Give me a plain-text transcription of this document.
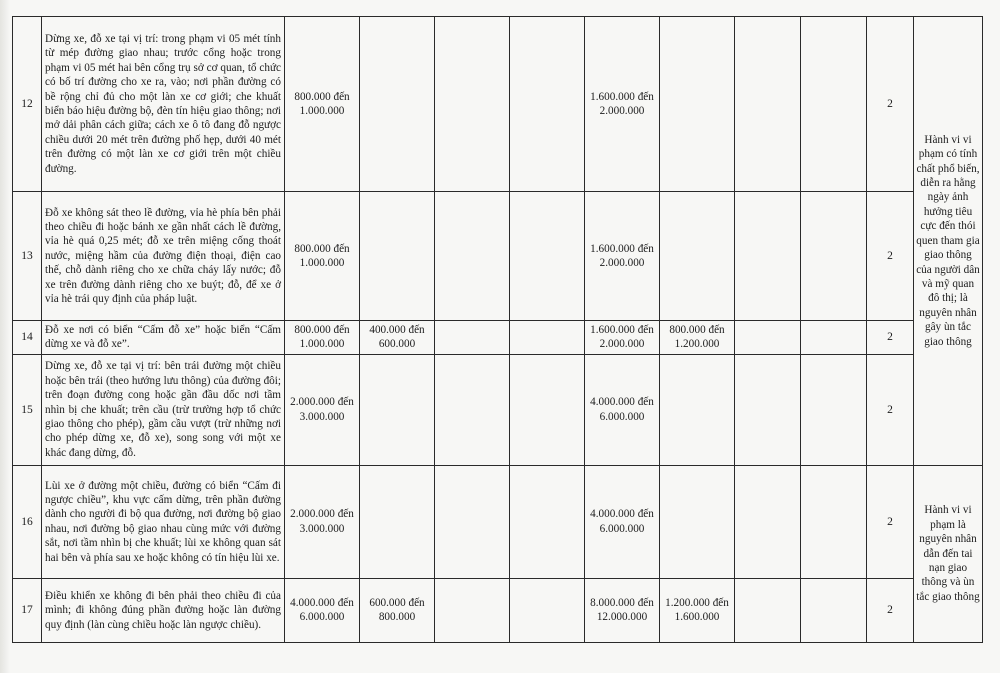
12	Dừng xe, đỗ xe tại vị trí: trong phạm vi 05 mét tính từ mép đường giao nhau; trước cổng hoặc trong phạm vi 05 mét hai bên cổng trụ sở cơ quan, tổ chức có bố trí đường cho xe ra, vào; nơi phần đường có bề rộng chỉ đủ cho một làn xe cơ giới; che khuất biển báo hiệu đường bộ, đèn tín hiệu giao thông; nơi mở dải phân cách giữa; cách xe ô tô đang đỗ ngược chiều dưới 20 mét trên đường phố hẹp, dưới 40 mét trên đường có một làn xe cơ giới trên một chiều đường.	800.000 đến 1.000.000				1.600.000 đến 2.000.000				2	Hành vi vi phạm có tính chất phổ biến, diễn ra hằng ngày ảnh hưởng tiêu cực đến thói quen tham gia giao thông của người dân và mỹ quan đô thị; là nguyên nhân gây ùn tắc giao thông
13	Đỗ xe không sát theo lề đường, vỉa hè phía bên phải theo chiều đi hoặc bánh xe gần nhất cách lề đường, vỉa hè quá 0,25 mét; đỗ xe trên miệng cống thoát nước, miệng hầm của đường điện thoại, điện cao thế, chỗ dành riêng cho xe chữa cháy lấy nước; đỗ xe trên đường dành riêng cho xe buýt; đỗ, để xe ở vỉa hè trái quy định của pháp luật.	800.000 đến 1.000.000				1.600.000 đến 2.000.000				2	
14	Đỗ xe nơi có biển “Cấm đỗ xe” hoặc biển “Cấm dừng xe và đỗ xe”.	800.000 đến 1.000.000	400.000 đến 600.000			1.600.000 đến 2.000.000	800.000 đến 1.200.000			2	
15	Dừng xe, đỗ xe tại vị trí: bên trái đường một chiều hoặc bên trái (theo hướng lưu thông) của đường đôi; trên đoạn đường cong hoặc gần đầu dốc nơi tầm nhìn bị che khuất; trên cầu (trừ trường hợp tổ chức giao thông cho phép), gầm cầu vượt (trừ những nơi cho phép dừng xe, đỗ xe), song song với một xe khác đang dừng, đỗ.	2.000.000 đến 3.000.000				4.000.000 đến 6.000.000				2	
16	Lùi xe ở đường một chiều, đường có biển “Cấm đi ngược chiều”, khu vực cấm dừng, trên phần đường dành cho người đi bộ qua đường, nơi đường bộ giao nhau, nơi đường bộ giao nhau cùng mức với đường sắt, nơi tầm nhìn bị che khuất; lùi xe không quan sát hai bên và phía sau xe hoặc không có tín hiệu lùi xe.	2.000.000 đến 3.000.000				4.000.000 đến 6.000.000				2	Hành vi vi phạm là nguyên nhân dẫn đến tai nạn giao thông và ùn tắc giao thông
17	Điều khiển xe không đi bên phải theo chiều đi của mình; đi không đúng phần đường hoặc làn đường quy định (làn cùng chiều hoặc làn ngược chiều).	4.000.000 đến 6.000.000	600.000 đến 800.000			8.000.000 đến 12.000.000	1.200.000 đến 1.600.000			2	
